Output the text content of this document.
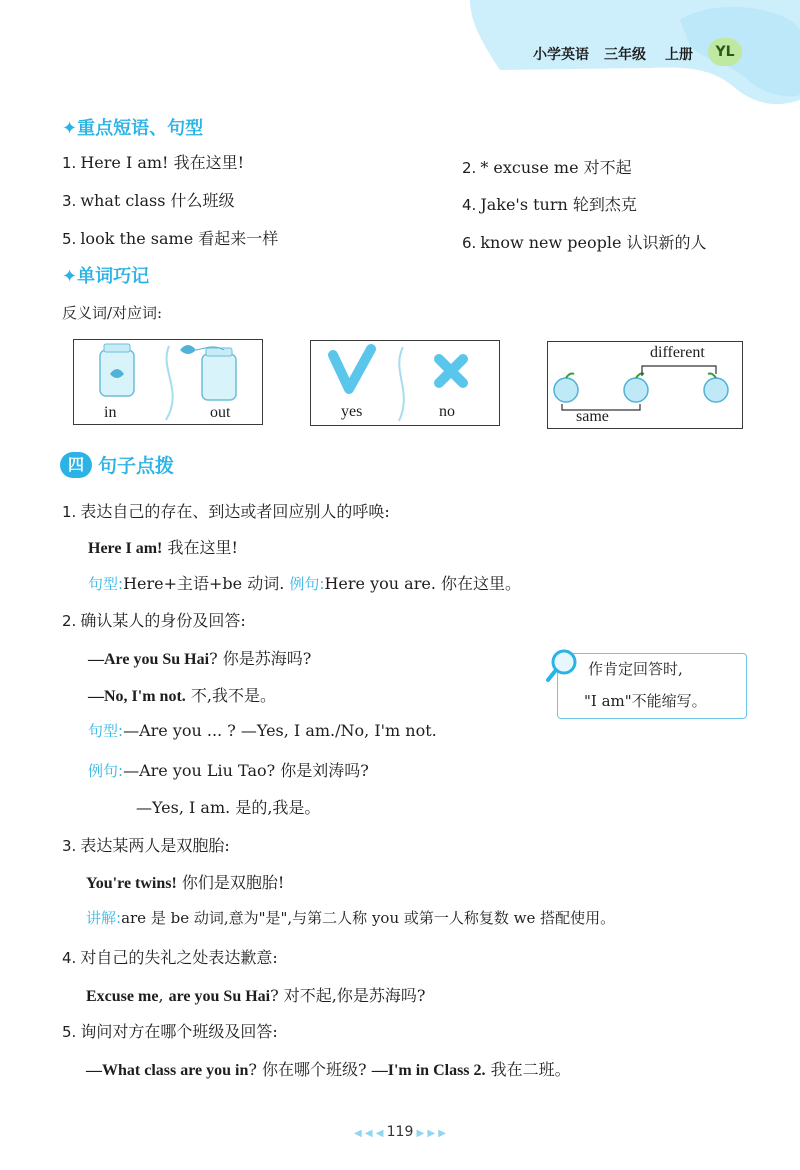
小学英语 三年级 上册	YL
✦重点短语、句型
1. Here I am! 我在这里!	2. * excuse me 对不起
3. what class 什么班级	4. Jake's turn 轮到杰克
5. look the same 看起来一样	6. know new people 认识新的人
✦单词巧记
反义词/对应词:
in	out	yes	no
different
same
四 句子点拨
1. 表达自己的存在、到达或者回应别人的呼唤:
Here I am! 我在这里!
句型:Here+主语+be 动词. 例句:Here you are. 你在这里。
2. 确认某人的身份及回答:
—Are you Su Hai? 你是苏海吗?
—No, I'm not. 不,我不是。
句型:—Are you ... ? —Yes, I am./No, I'm not.
例句:—Are you Liu Tao? 你是刘涛吗?
—Yes, I am. 是的,我是。
作肯定回答时,
"I am"不能缩写。
3. 表达某两人是双胞胎:
You're twins! 你们是双胞胎!
讲解:are 是 be 动词,意为"是",与第二人称 you 或第一人称复数 we 搭配使用。
4. 对自己的失礼之处表达歉意:
Excuse me, are you Su Hai? 对不起,你是苏海吗?
5. 询问对方在哪个班级及回答:
—What class are you in? 你在哪个班级? —I'm in Class 2. 我在二班。
◀ ◀ ◀ 119 ▶ ▶ ▶
